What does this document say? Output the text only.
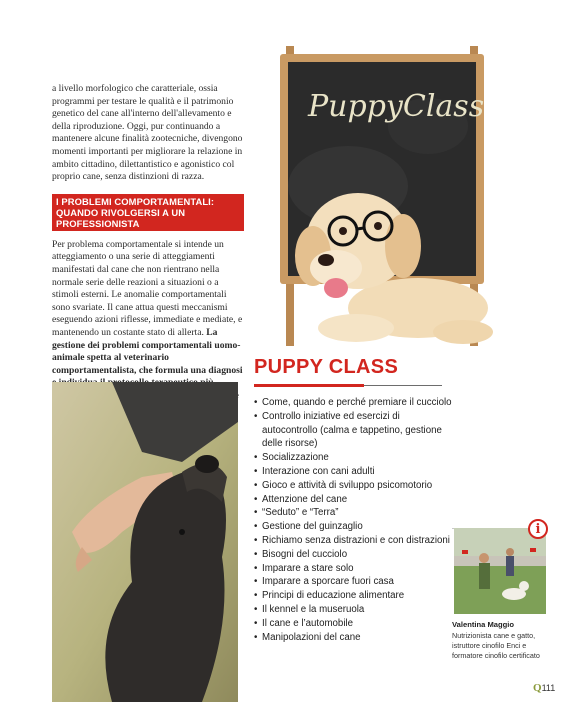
a livello morfologico che caratteriale, ossia programmi per testare le qualità e il patrimonio genetico del cane all'interno dell'allevamento e della riproduzione. Oggi, pur continuando a mantenere alcune finalità zootecniche, divengono momenti importanti per migliorare la relazione in ambito cittadino, dilettantistico e agonistico col proprio cane, senza distinzioni di razza.

I PROBLEMI COMPORTAMENTALI:
QUANDO RIVOLGERSI A UN PROFESSIONISTA

Per problema comportamentale si intende un atteggiamento o una serie di atteggiamenti manifestati dal cane che non rientrano nella normale serie delle reazioni a situazioni o a stimoli esterni. Le anomalie comportamentali sono svariate. Il cane attua questi meccanismi eseguendo azioni riflesse, immediate e mediate, e mantenendo un costante stato di allerta. La gestione dei problemi comportamentali uomo-animale spetta al veterinario comportamentalista, che formula una diagnosi

PuppyClass
PUPPY CLASS
• Come, quando e perché premiare il cucciolo
• Controllo iniziative ed esercizi di autocontrollo (calma e tappetino, gestione delle risorse)
• Socializzazione
• Interazione con cani adulti
• Gioco e attività di sviluppo psicomotorio
• Attenzione del cane
• “Seduto” e “Terra”
• Gestione del guinzaglio
• Richiamo senza distrazioni e con distrazioni
• Bisogni del cucciolo
• Imparare a stare solo
• Imparare a sporcare fuori casa
• Principi di educazione alimentare
• Il kennel e la museruola
• Il cane e l’automobile
• Manipolazioni del cane
i
Valentina Maggio
Nutrizionista cane e gatto, istruttore cinofilo Enci e formatore cinofilo certificato
Q111
